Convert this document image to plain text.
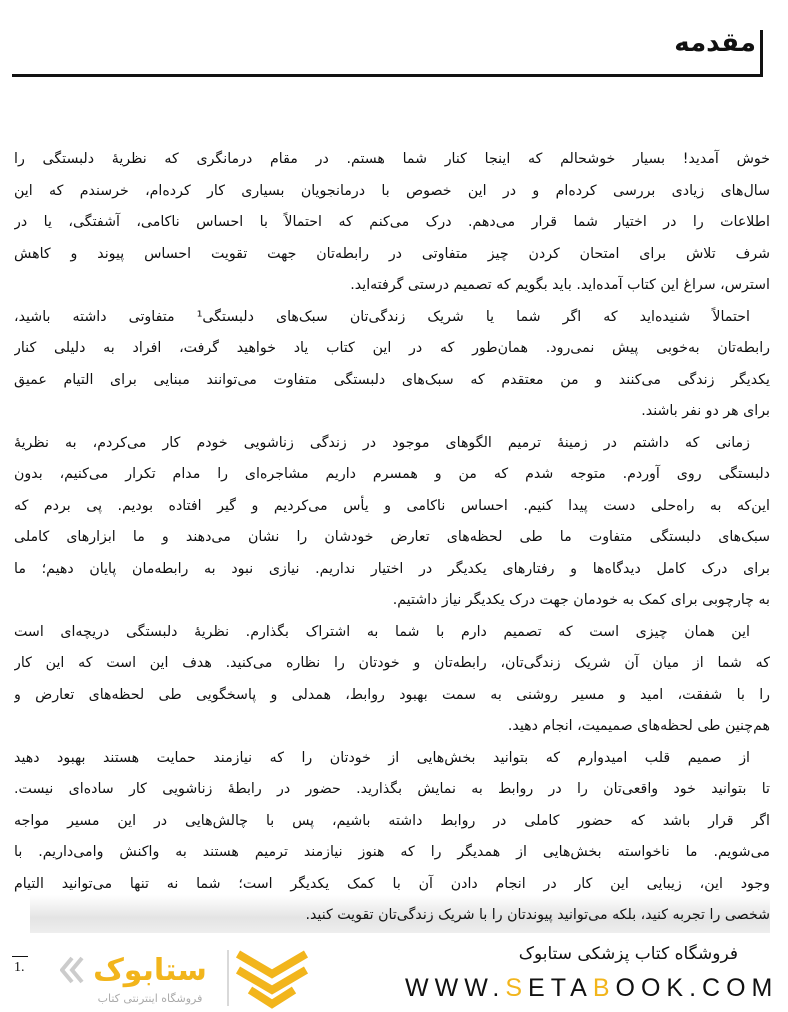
مقدمه
خوش آمدید! بسیار خوشحالم که اینجا کنار شما هستم. در مقام درمانگری که نظریهٔ دلبستگی را
سال‌های زیادی بررسی کرده‌ام و در این خصوص با درمانجویان بسیاری کار کرده‌ام، خرسندم که این
اطلاعات را در اختیار شما قرار می‌دهم. درک می‌کنم که احتمالاً با احساس ناکامی، آشفتگی، یا در
شرف تلاش برای امتحان کردن چیز متفاوتی در رابطه‌تان جهت تقویت احساس پیوند و کاهش
استرس، سراغ این کتاب آمده‌اید. باید بگویم که تصمیم درستی گرفته‌اید.
احتمالاً شنیده‌اید که اگر شما یا شریک زندگی‌تان سبک‌های دلبستگی¹ متفاوتی داشته باشید،
رابطه‌تان به‌خوبی پیش نمی‌رود. همان‌طور که در این کتاب یاد خواهید گرفت، افراد به دلیلی کنار
یکدیگر زندگی می‌کنند و من معتقدم که سبک‌های دلبستگی متفاوت می‌توانند مبنایی برای التیام عمیق
برای هر دو نفر باشند.
زمانی که داشتم در زمینهٔ ترمیم الگوهای موجود در زندگی زناشویی خودم کار می‌کردم، به نظریهٔ
دلبستگی روی آوردم. متوجه شدم که من و همسرم داریم مشاجره‌ای را مدام تکرار می‌کنیم، بدون
این‌که به راه‌حلی دست پیدا کنیم. احساس ناکامی و یأس می‌کردیم و گیر افتاده بودیم. پی بردم که
سبک‌های دلبستگی متفاوت ما طی لحظه‌های تعارض خودشان را نشان می‌دهند و ما ابزارهای کاملی
برای درک کامل دیدگاه‌ها و رفتارهای یکدیگر در اختیار نداریم. نیازی نبود به رابطه‌مان پایان دهیم؛ ما
به چارچوبی برای کمک به خودمان جهت درک یکدیگر نیاز داشتیم.
این همان چیزی است که تصمیم دارم با شما به اشتراک بگذارم. نظریهٔ دلبستگی دریچه‌ای است
که شما از میان آن شریک زندگی‌تان، رابطه‌تان و خودتان را نظاره می‌کنید. هدف این است که این کار
را با شفقت، امید و مسیر روشنی به سمت بهبود روابط، همدلی و پاسخگویی طی لحظه‌های تعارض و
هم‌چنین طی لحظه‌های صمیمیت، انجام دهید.
از صمیم قلب امیدوارم که بتوانید بخش‌هایی از خودتان را که نیازمند حمایت هستند بهبود دهید
تا بتوانید خود واقعی‌تان را در روابط به نمایش بگذارید. حضور در رابطهٔ زناشویی کار ساده‌ای نیست.
اگر قرار باشد که حضور کاملی در روابط داشته باشیم، پس با چالش‌هایی در این مسیر مواجه
می‌شویم. ما ناخواسته بخش‌هایی از همدیگر را که هنوز نیازمند ترمیم هستند به واکنش وامی‌داریم. با
وجود این، زیبایی این کار در انجام دادن آن با کمک یکدیگر است؛ شما نه تنها می‌توانید التیام
شخصی را تجربه کنید، بلکه می‌توانید پیوندتان را با شریک زندگی‌تان تقویت کنید.
1. ستابوک
فروشگاه اینترنتی کتاب
فروشگاه کتاب پزشکی ستابوک
WWW.SETABOOK.COM
